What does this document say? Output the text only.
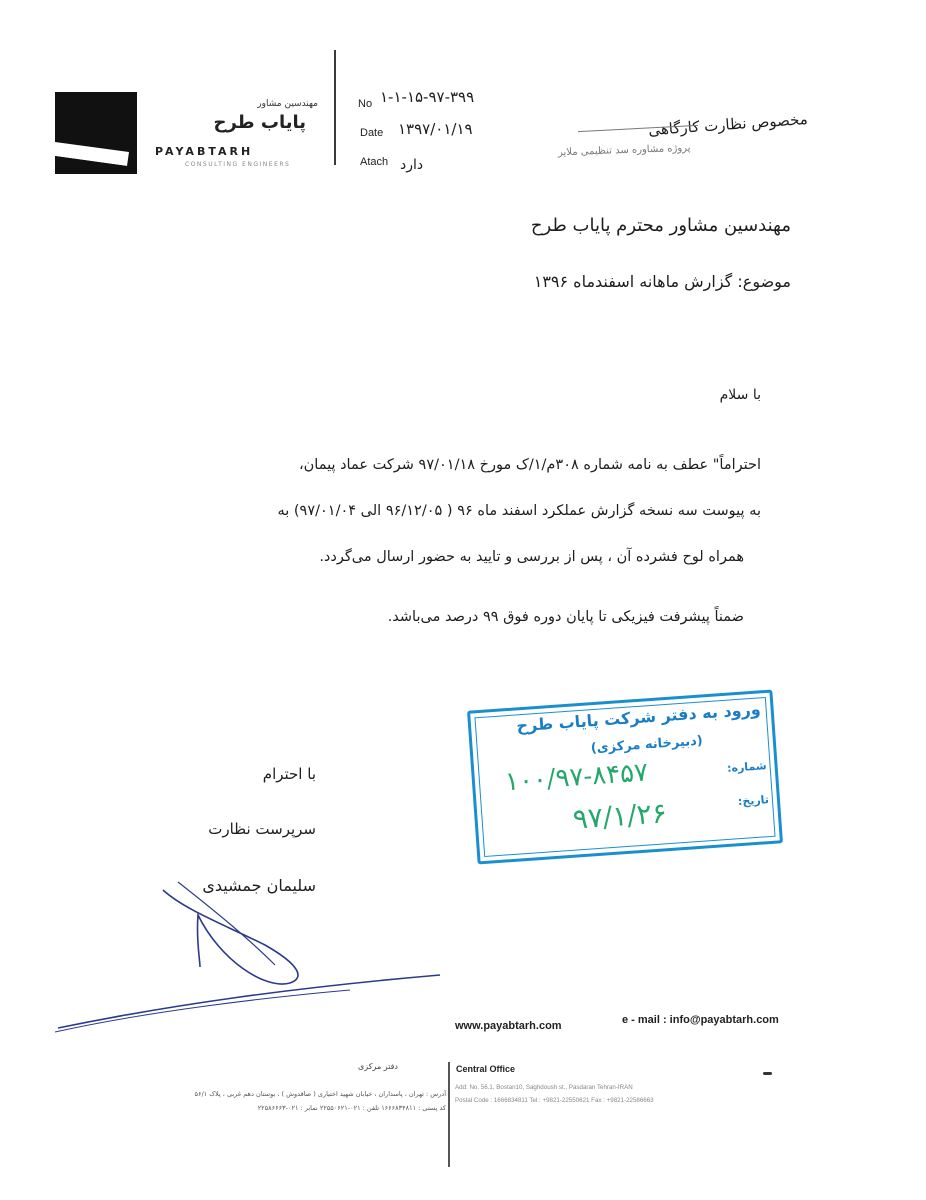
مهندسین مشاور
پایاب طرح
PAYABTARH
CONSULTING ENGINEERS
No ۱-۱-۱۵-۹۷-۳۹۹
Date ۱۳۹۷/۰۱/۱۹
Atach دارد
مخصوص نظارت کارگاهی
پروژه مشاوره سد تنظیمی ملایر
مهندسین مشاور محترم پایاب طرح
موضوع: گزارش ماهانه اسفندماه ۱۳۹۶
با سلام
احتراماً" عطف به نامه شماره ۳۰۸م/۱/ک مورخ ۹۷/۰۱/۱۸ شرکت عماد پیمان،
به پیوست سه نسخه گزارش عملکرد اسفند ماه ۹۶ ( ۹۶/۱۲/۰۵ الی ۹۷/۰۱/۰۴) به
همراه لوح فشرده آن ، پس از بررسی و تایید به حضور ارسال می‌گردد.
ضمناً پیشرفت فیزیکی تا پایان دوره فوق ۹۹ درصد می‌باشد.
با احترام
سرپرست نظارت
سلیمان جمشیدی
ورود به دفتر شرکت پایاب طرح
(دبیرخانه مرکزی)
شماره:
۱۰۰/۹۷-۸۴۵۷
تاریخ:
۹۷/۱/۲۶
www.payabtarh.com	e - mail : info@payabtarh.com
Central Office
Add: No. 56.1, Bostan10, Saghdoush st., Pasdaran Tehran-IRAN
Postal Code : 1666834811 Tel : +9821-22550621 Fax : +9821-22586663
دفتر مرکزی
آدرس : تهران ، پاسداران ، خیابان شهید اختیاری ( صاقدوش ) ، بوستان دهم غربی ، پلاک ۵۶/۱
کد پستی : ۱۶۶۶۸۳۴۸۱۱ تلفن : ۰۲۱-۲۲۵۵۰۶۲۱ نمابر : ۰۲۱-۲۲۵۸۶۶۶۳
